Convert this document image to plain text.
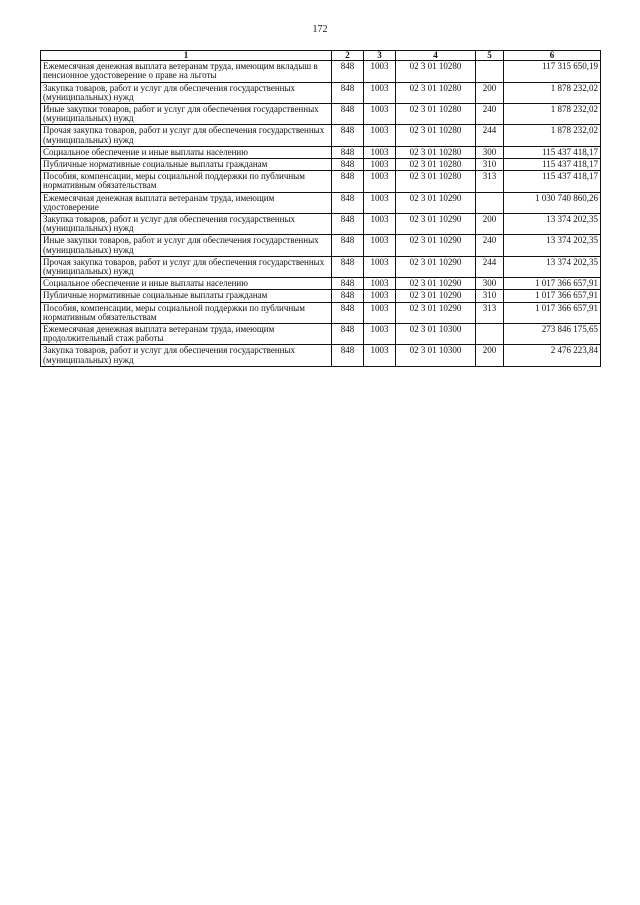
172
1	2	3	4	5	6
Ежемесячная денежная выплата ветеранам труда, имеющим вкладыш в пенсионное удостоверение о праве на льготы	848	1003	02 3 01 10280		117 315 650,19
Закупка товаров, работ и услуг для обеспечения государственных (муниципальных) нужд	848	1003	02 3 01 10280	200	1 878 232,02
Иные закупки товаров, работ и услуг для обеспечения государственных (муниципальных) нужд	848	1003	02 3 01 10280	240	1 878 232,02
Прочая закупка товаров, работ и услуг для обеспечения государственных (муниципальных) нужд	848	1003	02 3 01 10280	244	1 878 232,02
Социальное обеспечение и иные выплаты населению	848	1003	02 3 01 10280	300	115 437 418,17
Публичные нормативные социальные выплаты гражданам	848	1003	02 3 01 10280	310	115 437 418,17
Пособия, компенсации, меры социальной поддержки по публичным нормативным обязательствам	848	1003	02 3 01 10280	313	115 437 418,17
Ежемесячная денежная выплата ветеранам труда, имеющим удостоверение	848	1003	02 3 01 10290		1 030 740 860,26
Закупка товаров, работ и услуг для обеспечения государственных (муниципальных) нужд	848	1003	02 3 01 10290	200	13 374 202,35
Иные закупки товаров, работ и услуг для обеспечения государственных (муниципальных) нужд	848	1003	02 3 01 10290	240	13 374 202,35
Прочая закупка товаров, работ и услуг для обеспечения государственных (муниципальных) нужд	848	1003	02 3 01 10290	244	13 374 202,35
Социальное обеспечение и иные выплаты населению	848	1003	02 3 01 10290	300	1 017 366 657,91
Публичные нормативные социальные выплаты гражданам	848	1003	02 3 01 10290	310	1 017 366 657,91
Пособия, компенсации, меры социальной поддержки по публичным нормативным обязательствам	848	1003	02 3 01 10290	313	1 017 366 657,91
Ежемесячная денежная выплата ветеранам труда, имеющим продолжительный стаж работы	848	1003	02 3 01 10300		273 846 175,65
Закупка товаров, работ и услуг для обеспечения государственных (муниципальных) нужд	848	1003	02 3 01 10300	200	2 476 223,84
